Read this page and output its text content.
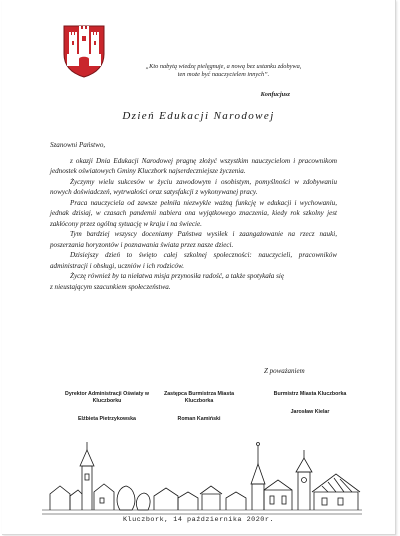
„Kto nabytą wiedzę pielęgnuje, a nową bez ustanku zdobywa,
ten może być nauczycielem innych”.
Konfucjusz
Dzień Edukacji Narodowej
Szanowni Państwo,
z okazji Dnia Edukacji Narodowej pragnę złożyć wszystkim nauczycielom i pracownikom jednostek oświatowych Gminy Kluczbork najserdeczniejsze życzenia.
Życzymy wielu sukcesów w życiu zawodowym i osobistym, pomyślności w zdobywaniu nowych doświadczeń, wytrwałości oraz satysfakcji z wykonywanej pracy.
Praca nauczyciela od zawsze pełniła niezwykle ważną funkcję w edukacji i wychowaniu, jednak dzisiaj, w czasach pandemii nabiera ona wyjątkowego znaczenia, kiedy rok szkolny jest zakłócony przez ogólną sytuację w kraju i na świecie.
Tym bardziej wszyscy doceniamy Państwa wysiłek i zaangażowanie na rzecz nauki, poszerzania horyzontów i poznawania świata przez nasze dzieci.
Dzisiejszy dzień to święto całej szkolnej społeczności: nauczycieli, pracowników administracji i obsługi, uczniów i ich rodziców.
Życzę również by ta niełatwa misja przynosiła radość, a także spotykała się
z nieustającym szacunkiem społeczeństwa.
Z poważaniem
Dyrektor Administracji Oświaty w Kluczborku
Elżbieta Pietrzykowska
Zastępca Burmistrza Miasta Kluczborka
Roman Kamiński
Burmistrz Miasta Kluczborka
Jarosław Kielar
Kluczbork, 14 października 2020r.
